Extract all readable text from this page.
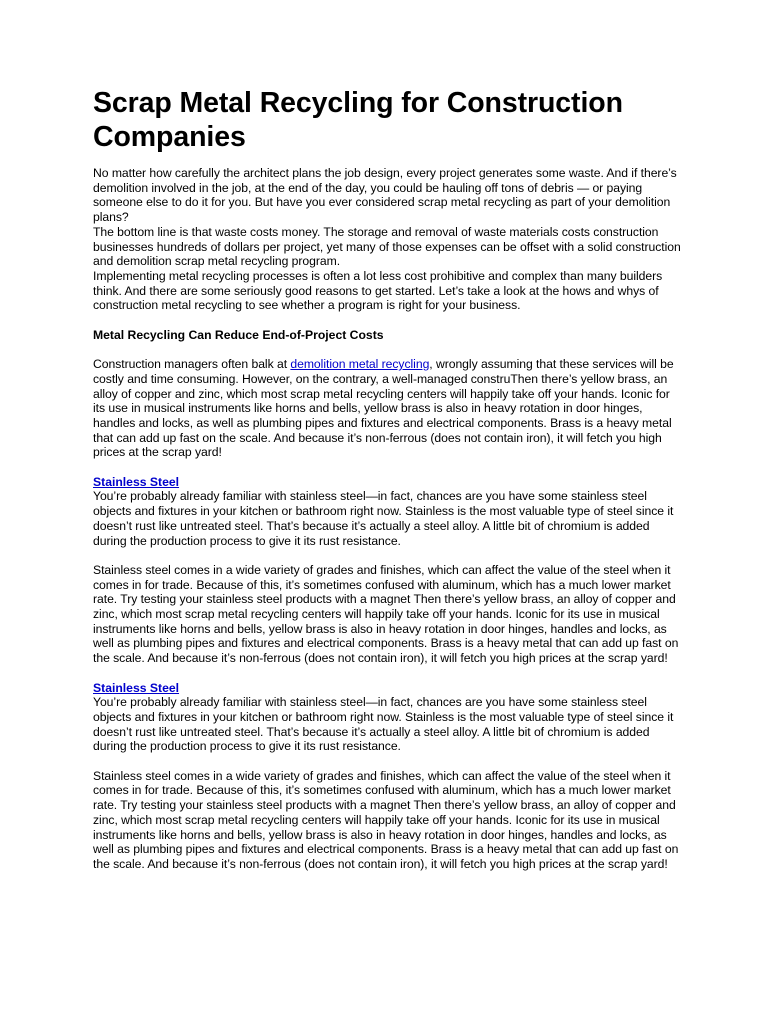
Scrap Metal Recycling for Construction Companies

No matter how carefully the architect plans the job design, every project generates some waste. And if there’s demolition involved in the job, at the end of the day, you could be hauling off tons of debris — or paying someone else to do it for you. But have you ever considered scrap metal recycling as part of your demolition plans?

The bottom line is that waste costs money. The storage and removal of waste materials costs construction businesses hundreds of dollars per project, yet many of those expenses can be offset with a solid construction and demolition scrap metal recycling program.

Implementing metal recycling processes is often a lot less cost prohibitive and complex than many builders think. And there are some seriously good reasons to get started. Let’s take a look at the hows and whys of construction metal recycling to see whether a program is right for your business.

Metal Recycling Can Reduce End-of-Project Costs

Construction managers often balk at demolition metal recycling, wrongly assuming that these services will be costly and time consuming. However, on the contrary, a well-managed construThen there’s yellow brass, an alloy of copper and zinc, which most scrap metal recycling centers will happily take off your hands. Iconic for its use in musical instruments like horns and bells, yellow brass is also in heavy rotation in door hinges, handles and locks, as well as plumbing pipes and fixtures and electrical components. Brass is a heavy metal that can add up fast on the scale. And because it’s non-ferrous (does not contain iron), it will fetch you high prices at the scrap yard!

Stainless Steel

You’re probably already familiar with stainless steel—in fact, chances are you have some stainless steel objects and fixtures in your kitchen or bathroom right now. Stainless is the most valuable type of steel since it doesn’t rust like untreated steel. That’s because it’s actually a steel alloy. A little bit of chromium is added during the production process to give it its rust resistance.

Stainless steel comes in a wide variety of grades and finishes, which can affect the value of the steel when it comes in for trade. Because of this, it’s sometimes confused with aluminum, which has a much lower market rate. Try testing your stainless steel products with a magnet Then there’s yellow brass, an alloy of copper and zinc, which most scrap metal recycling centers will happily take off your hands. Iconic for its use in musical instruments like horns and bells, yellow brass is also in heavy rotation in door hinges, handles and locks, as well as plumbing pipes and fixtures and electrical components. Brass is a heavy metal that can add up fast on the scale. And because it’s non-ferrous (does not contain iron), it will fetch you high prices at the scrap yard!

Stainless Steel

You’re probably already familiar with stainless steel—in fact, chances are you have some stainless steel objects and fixtures in your kitchen or bathroom right now. Stainless is the most valuable type of steel since it doesn’t rust like untreated steel. That’s because it’s actually a steel alloy. A little bit of chromium is added during the production process to give it its rust resistance.

Stainless steel comes in a wide variety of grades and finishes, which can affect the value of the steel when it comes in for trade. Because of this, it’s sometimes confused with aluminum, which has a much lower market rate. Try testing your stainless steel products with a magnet Then there’s yellow brass, an alloy of copper and zinc, which most scrap metal recycling centers will happily take off your hands. Iconic for its use in musical instruments like horns and bells, yellow brass is also in heavy rotation in door hinges, handles and locks, as well as plumbing pipes and fixtures and electrical components. Brass is a heavy metal that can add up fast on the scale. And because it’s non-ferrous (does not contain iron), it will fetch you high prices at the scrap yard!
